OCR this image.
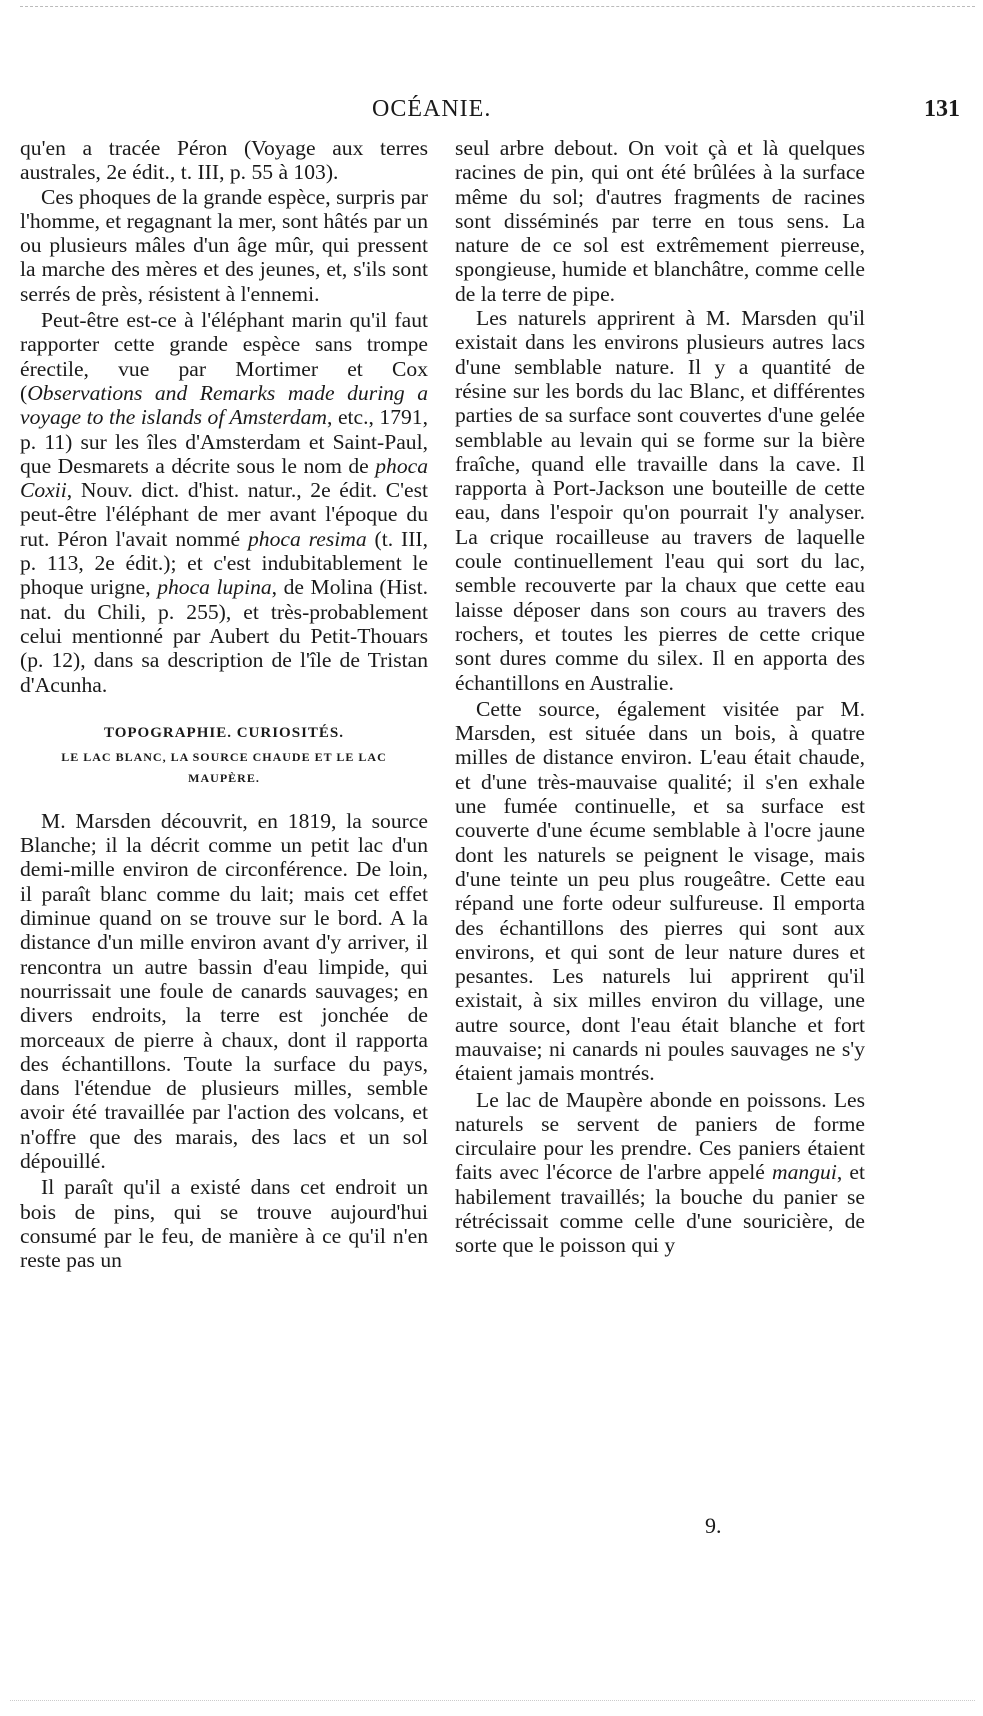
OCÉANIE.	131

qu'en a tracée Péron (Voyage aux terres australes, 2e édit., t. III, p. 55 à 103).

Ces phoques de la grande espèce, surpris par l'homme, et regagnant la mer, sont hâtés par un ou plusieurs mâles d'un âge mûr, qui pressent la marche des mères et des jeunes, et, s'ils sont serrés de près, résistent à l'ennemi.

Peut-être est-ce à l'éléphant marin qu'il faut rapporter cette grande espèce sans trompe érectile, vue par Mortimer et Cox (Observations and Remarks made during a voyage to the islands of Amsterdam, etc., 1791, p. 11) sur les îles d'Amsterdam et Saint-Paul, que Desmarets a décrite sous le nom de phoca Coxii, Nouv. dict. d'hist. natur., 2e édit. C'est peut-être l'éléphant de mer avant l'époque du rut. Péron l'avait nommé phoca resima (t. III, p. 113, 2e édit.); et c'est indubitablement le phoque urigne, phoca lupina, de Molina (Hist. nat. du Chili, p. 255), et très-probablement celui mentionné par Aubert du Petit-Thouars (p. 12), dans sa description de l'île de Tristan d'Acunha.

TOPOGRAPHIE. CURIOSITÉS.
LE LAC BLANC, LA SOURCE CHAUDE ET LE LAC MAUPÈRE.

M. Marsden découvrit, en 1819, la source Blanche; il la décrit comme un petit lac d'un demi-mille environ de circonférence. De loin, il paraît blanc comme du lait; mais cet effet diminue quand on se trouve sur le bord. A la distance d'un mille environ avant d'y arriver, il rencontra un autre bassin d'eau limpide, qui nourrissait une foule de canards sauvages; en divers endroits, la terre est jonchée de morceaux de pierre à chaux, dont il rapporta des échantillons. Toute la surface du pays, dans l'étendue de plusieurs milles, semble avoir été travaillée par l'action des volcans, et n'offre que des marais, des lacs et un sol dépouillé.

Il paraît qu'il a existé dans cet endroit un bois de pins, qui se trouve aujourd'hui consumé par le feu, de manière à ce qu'il n'en reste pas un

seul arbre debout. On voit çà et là quelques racines de pin, qui ont été brûlées à la surface même du sol; d'autres fragments de racines sont disséminés par terre en tous sens. La nature de ce sol est extrêmement pierreuse, spongieuse, humide et blanchâtre, comme celle de la terre de pipe.

Les naturels apprirent à M. Marsden qu'il existait dans les environs plusieurs autres lacs d'une semblable nature. Il y a quantité de résine sur les bords du lac Blanc, et différentes parties de sa surface sont couvertes d'une gelée semblable au levain qui se forme sur la bière fraîche, quand elle travaille dans la cave. Il rapporta à Port-Jackson une bouteille de cette eau, dans l'espoir qu'on pourrait l'y analyser. La crique rocailleuse au travers de laquelle coule continuellement l'eau qui sort du lac, semble recouverte par la chaux que cette eau laisse déposer dans son cours au travers des rochers, et toutes les pierres de cette crique sont dures comme du silex. Il en apporta des échantillons en Australie.

Cette source, également visitée par M. Marsden, est située dans un bois, à quatre milles de distance environ. L'eau était chaude, et d'une très-mauvaise qualité; il s'en exhale une fumée continuelle, et sa surface est couverte d'une écume semblable à l'ocre jaune dont les naturels se peignent le visage, mais d'une teinte un peu plus rougeâtre. Cette eau répand une forte odeur sulfureuse. Il emporta des échantillons des pierres qui sont aux environs, et qui sont de leur nature dures et pesantes. Les naturels lui apprirent qu'il existait, à six milles environ du village, une autre source, dont l'eau était blanche et fort mauvaise; ni canards ni poules sauvages ne s'y étaient jamais montrés.

Le lac de Maupère abonde en poissons. Les naturels se servent de paniers de forme circulaire pour les prendre. Ces paniers étaient faits avec l'écorce de l'arbre appelé mangui, et habilement travaillés; la bouche du panier se rétrécissait comme celle d'une souricière, de sorte que le poisson qui y

9.
